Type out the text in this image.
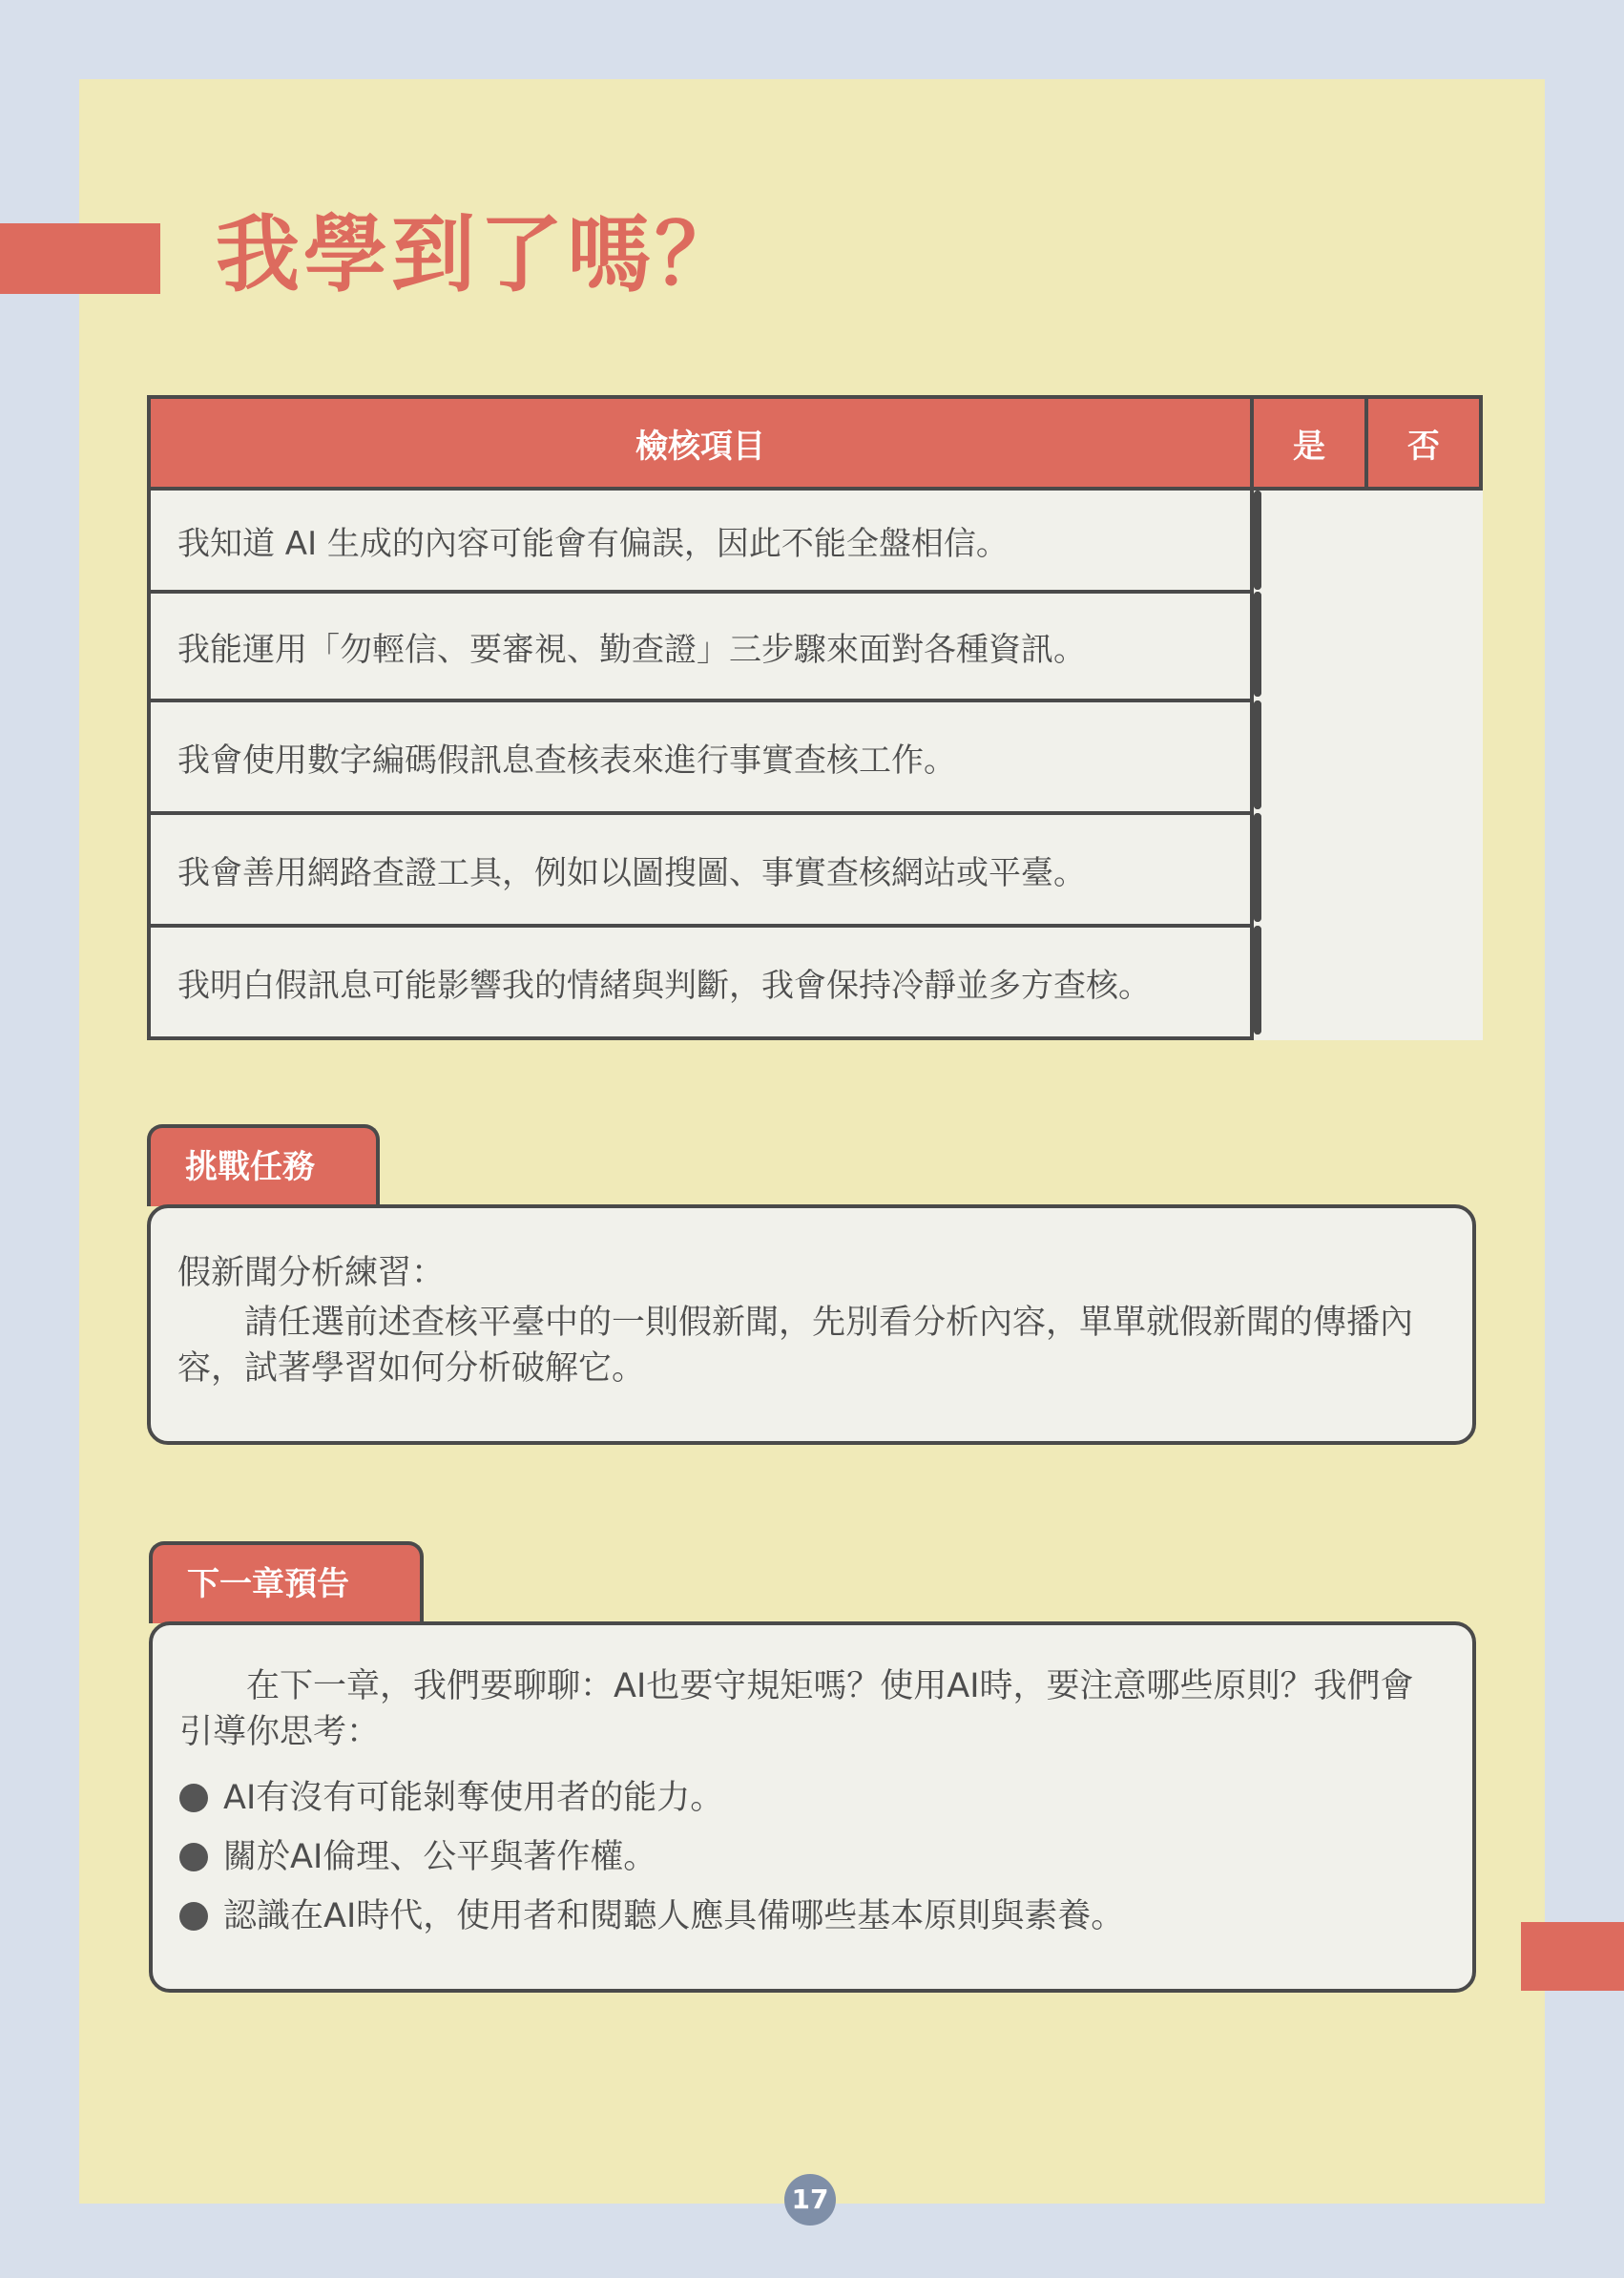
我學到了嗎？
檢核項目	是	否
我知道 AI 生成的內容可能會有偏誤，因此不能全盤相信。	

我能運用「勿輕信、要審視、勤查證」三步驟來面對各種資訊。	

我會使用數字編碼假訊息查核表來進行事實查核工作。	

我會善用網路查證工具，例如以圖搜圖、事實查核網站或平臺。	

我明白假訊息可能影響我的情緒與判斷，我會保持冷靜並多方查核。	
挑戰任務

假新聞分析練習：

請任選前述查核平臺中的一則假新聞，先別看分析內容，單單就假新聞的傳播內容，試著學習如何分析破解它。

下一章預告

在下一章，我們要聊聊：AI也要守規矩嗎？使用AI時，要注意哪些原則？我們會引導你思考：

AI有沒有可能剝奪使用者的能力。
關於AI倫理、公平與著作權。
認識在AI時代，使用者和閱聽人應具備哪些基本原則與素養。
17
